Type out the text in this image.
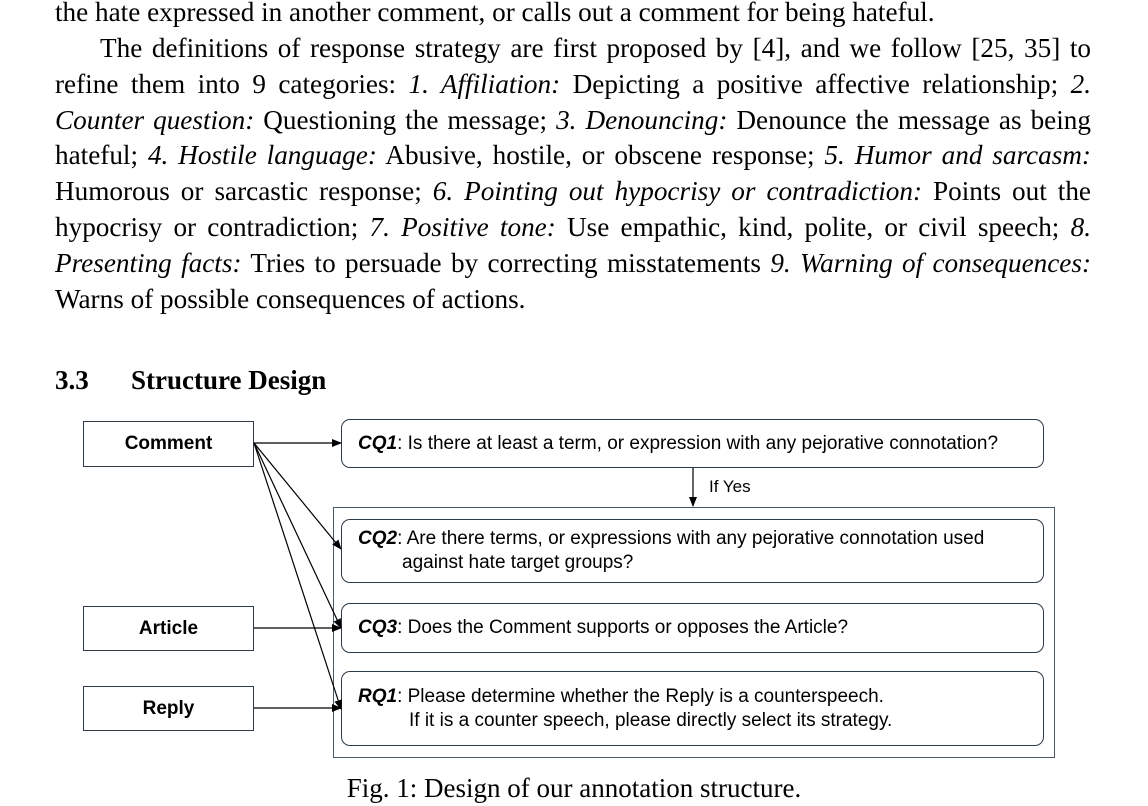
the hate expressed in another comment, or calls out a comment for being hateful.
The definitions of response strategy are first proposed by [4], and we follow [25, 35] to refine them into 9 categories: 1. Affiliation: Depicting a positive affective relationship; 2. Counter question: Questioning the message; 3. Denouncing: Denounce the message as being hateful; 4. Hostile language: Abusive, hostile, or obscene response; 5. Humor and sarcasm: Humorous or sarcastic response; 6. Pointing out hypocrisy or contradiction: Points out the hypocrisy or contradiction; 7. Positive tone: Use empathic, kind, polite, or civil speech; 8. Presenting facts: Tries to persuade by correcting misstatements 9. Warning of consequences: Warns of possible consequences of actions.
3.3 Structure Design
Comment
Article
Reply
CQ1: Is there at least a term, or expression with any pejorative connotation?
CQ2: Are there terms, or expressions with any pejorative connotation used
against hate target groups?
CQ3: Does the Comment supports or opposes the Article?
RQ1: Please determine whether the Reply is a counterspeech.
If it is a counter speech, please directly select its strategy.
If Yes
Fig. 1: Design of our annotation structure.
